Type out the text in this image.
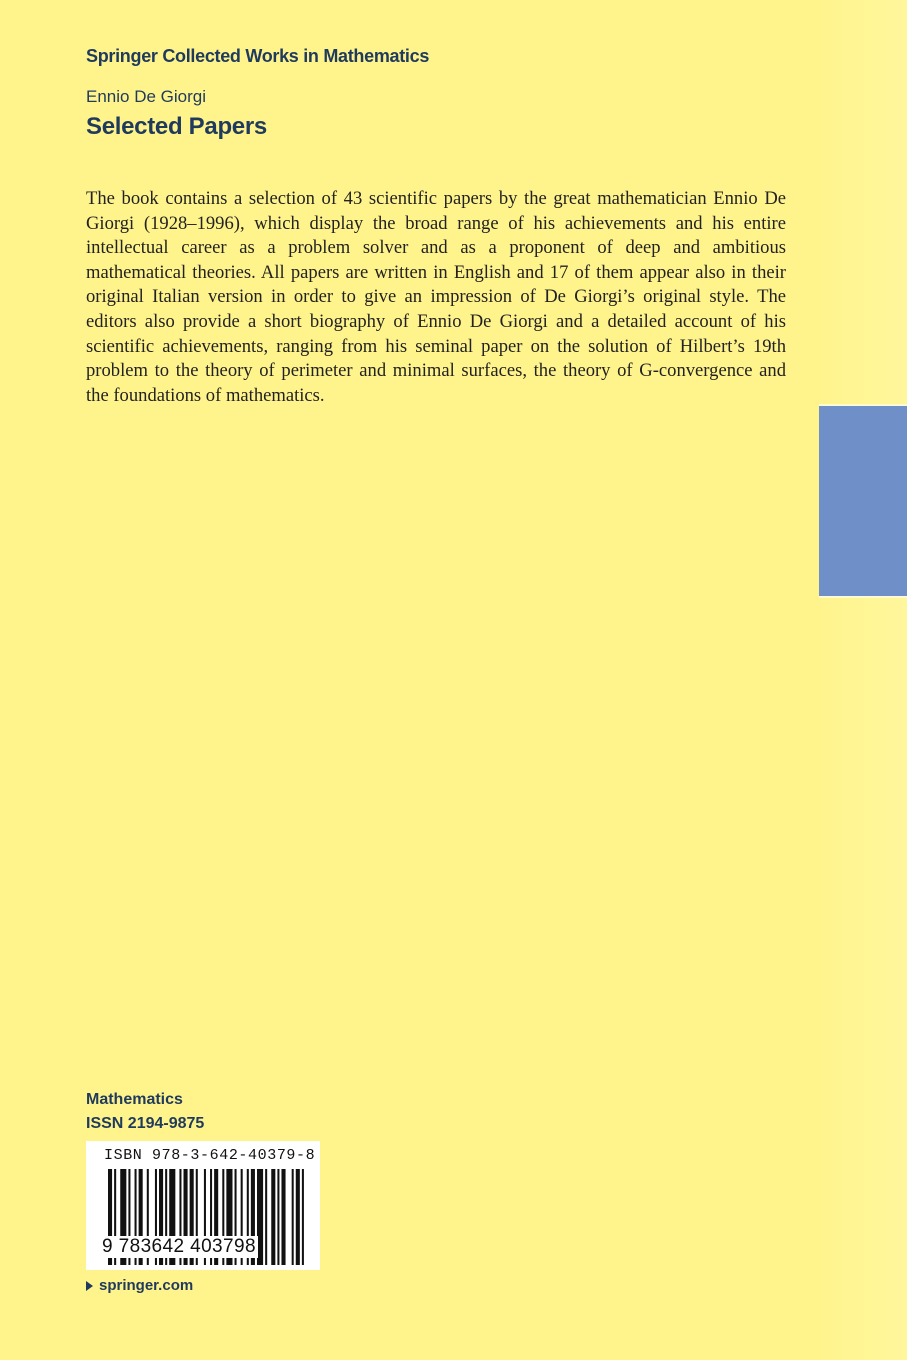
Springer Collected Works in Mathematics
Ennio De Giorgi
Selected Papers

The book contains a selection of 43 scientific papers by the great mathematician Ennio De Giorgi (1928–1996), which display the broad range of his achievements and his entire intellectual career as a problem solver and as a proponent of deep and ambitious mathematical theories. All papers are written in English and 17 of them appear also in their original Italian version in order to give an impression of De Giorgi’s original style. The editors also provide a short biography of Ennio De Giorgi and a detailed account of his scientific achievements, ranging from his seminal paper on the solution of Hilbert’s 19th problem to the theory of perimeter and minimal surfaces, the theory of G-convergence and the foundations of mathematics.

Mathematics
ISSN 2194-9875
ISBN 978-3-642-40379-8
9 783642 403798
springer.com
